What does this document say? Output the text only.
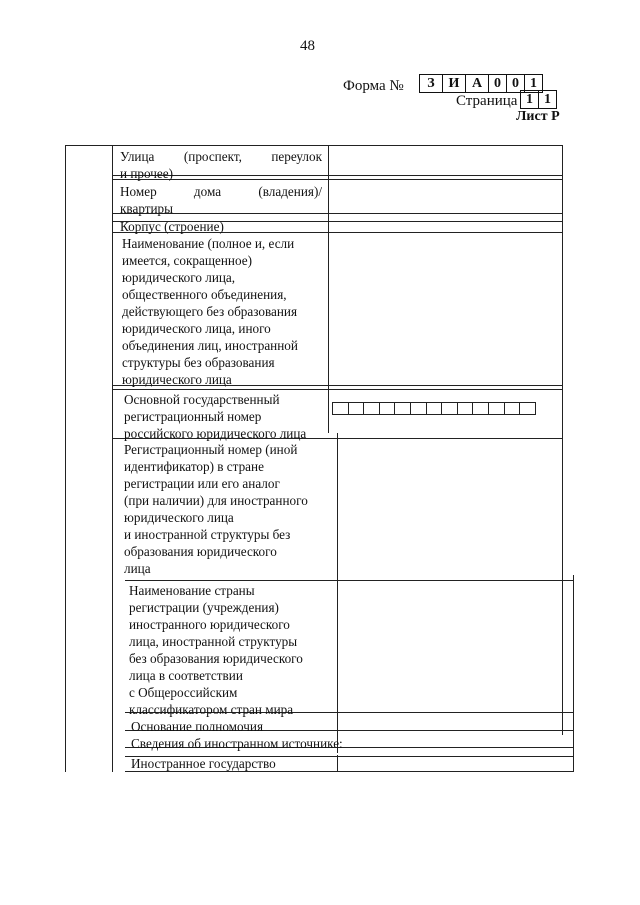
48
Форма №	З И А 0 0 1
Страница 1 1
Лист Р
Улица (проспект, переулок
и прочее)
Номер дома (владения)/
квартиры
Корпус (строение)
Наименование (полное и, если
имеется, сокращенное)
юридического лица,
общественного объединения,
действующего без образования
юридического лица, иного
объединения лиц, иностранной
структуры без образования
юридического лица
Основной государственный
регистрационный номер
российского юридического лица
Регистрационный номер (иной
идентификатор) в стране
регистрации или его аналог
(при наличии) для иностранного
юридического лица
и иностранной структуры без
образования юридического
лица
Наименование страны
регистрации (учреждения)
иностранного юридического
лица, иностранной структуры
без образования юридического
лица в соответствии
с Общероссийским
классификатором стран мира
Основание полномочия
Сведения об иностранном источнике:
Иностранное государство
